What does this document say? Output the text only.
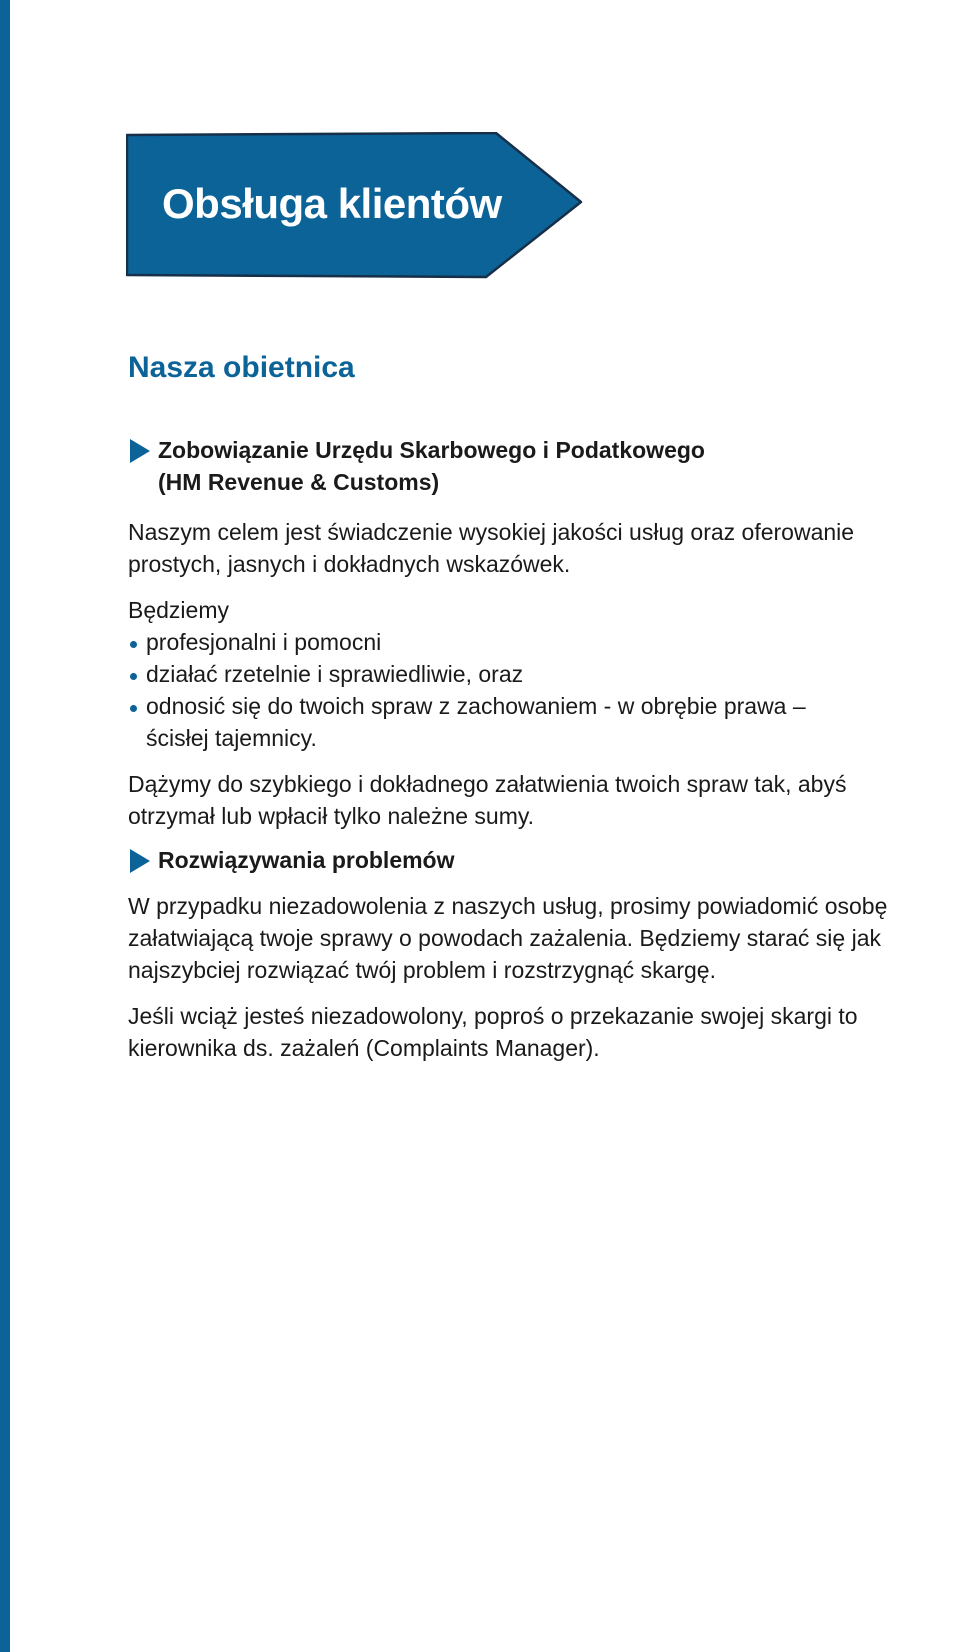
Obsługa klientów
Nasza obietnica
Zobowiązanie Urzędu Skarbowego i Podatkowego
(HM Revenue & Customs)

Naszym celem jest świadczenie wysokiej jakości usług oraz oferowanie

prostych, jasnych i dokładnych wskazówek.

Będziemy

profesjonalni i pomocni
działać rzetelnie i sprawiedliwie, oraz
odnosić się do twoich spraw z zachowaniem - w obrębie prawa –
ścisłej tajemnicy.

Dążymy do szybkiego i dokładnego załatwienia twoich spraw tak, abyś

otrzymał lub wpłacił tylko należne sumy.

Rozwiązywania problemów

W przypadku niezadowolenia z naszych usług, prosimy powiadomić osobę

załatwiającą twoje sprawy o powodach zażalenia. Będziemy starać się jak

najszybciej rozwiązać twój problem i rozstrzygnąć skargę.

Jeśli wciąż jesteś niezadowolony, poproś o przekazanie swojej skargi to

kierownika ds. zażaleń (Complaints Manager).
